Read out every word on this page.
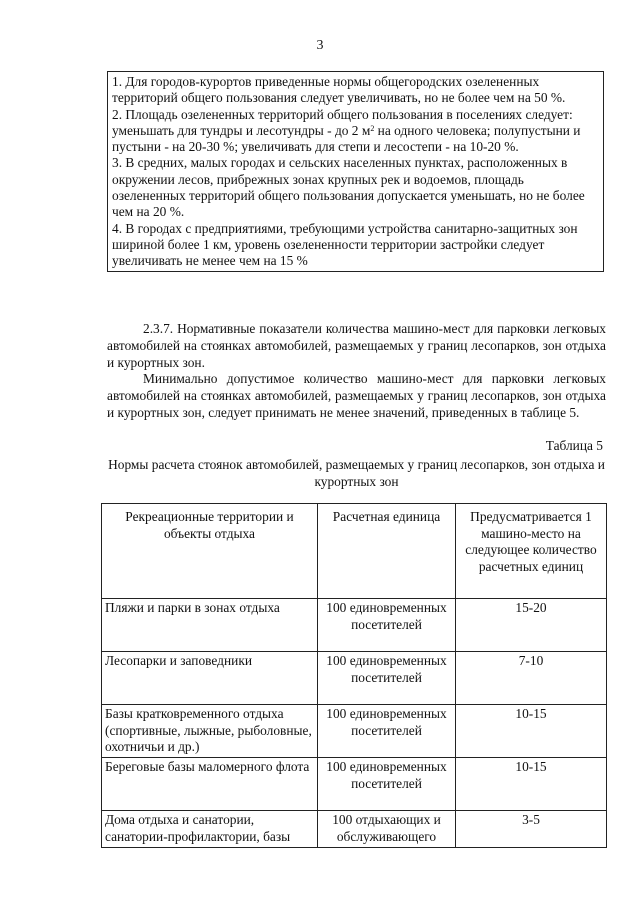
3

1. Для городов-курортов приведенные нормы общегородских озелененных территорий общего пользования следует увеличивать, но не более чем на 50 %.

2. Площадь озелененных территорий общего пользования в поселениях следует: уменьшать для тундры и лесотундры - до 2 $м^2$ на одного человека; полупустыни и пустыни - на 20-30 %; увеличивать для степи и лесостепи - на 10-20 %.

3. В средних, малых городах и сельских населенных пунктах, расположенных в окружении лесов, прибрежных зонах крупных рек и водоемов, площадь озелененных территорий общего пользования допускается уменьшать, но не более чем на 20 %.

4. В городах с предприятиями, требующими устройства санитарно-защитных зон шириной более 1 км, уровень озелененности территории застройки следует увеличивать не менее чем на 15 %

2.3.7. Нормативные показатели количества машино-мест для парковки легковых автомобилей на стоянках автомобилей, размещаемых у границ лесопарков, зон отдыха и курортных зон.

Минимально допустимое количество машино-мест для парковки легковых автомобилей на стоянках автомобилей, размещаемых у границ лесопарков, зон отдыха и курортных зон, следует принимать не менее значений, приведенных в таблице 5.

Таблица 5

Нормы расчета стоянок автомобилей, размещаемых у границ лесопарков, зон отдыха и курортных зон

Рекреационные территории и объекты отдыха	Расчетная единица	Предусматривается 1 машино-место на следующее количество расчетных единиц
Пляжи и парки в зонах отдыха	100 единовременных посетителей	15-20
Лесопарки и заповедники	100 единовременных посетителей	7-10
Базы кратковременного отдыха (спортивные, лыжные, рыболовные, охотничьи и др.)	100 единовременных посетителей	10-15
Береговые базы маломерного флота	100 единовременных посетителей	10-15
Дома отдыха и санатории, санатории-профилактории, базы	100 отдыхающих и обслуживающего	3-5
